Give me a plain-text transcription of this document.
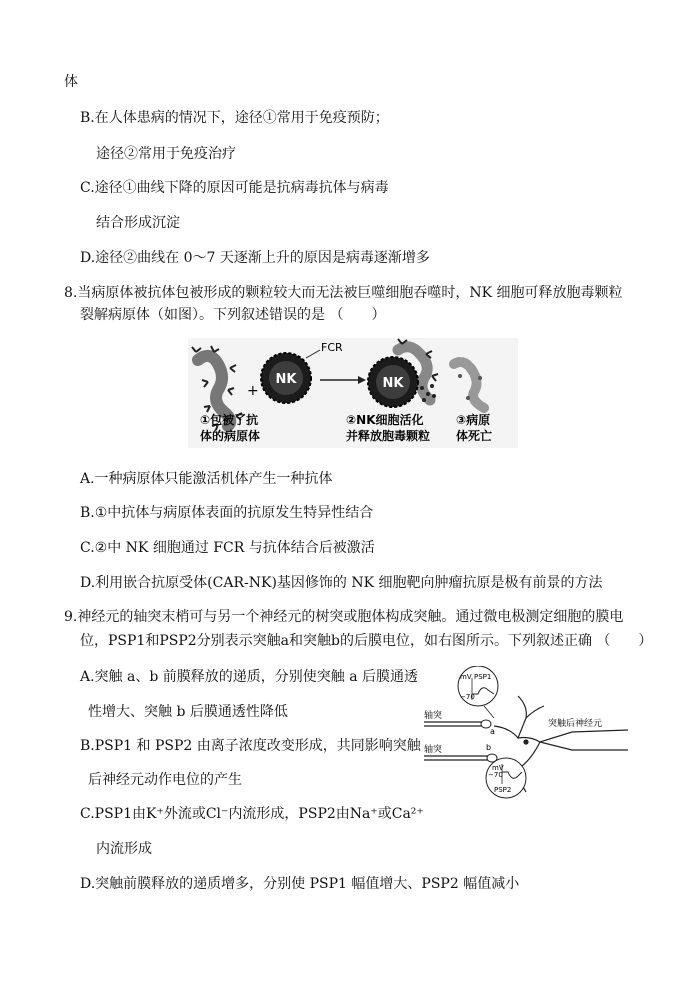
体
B.在人体患病的情况下，途径①常用于免疫预防；
途径②常用于免疫治疗
C.途径①曲线下降的原因可能是抗病毒抗体与病毒
结合形成沉淀
D.途径②曲线在 0～7 天逐渐上升的原因是病毒逐渐增多
8.当病原体被抗体包被形成的颗粒较大而无法被巨噬细胞吞噬时，NK 细胞可释放胞毒颗粒
裂解病原体（如图）。下列叙述错误的是 （　　）
+
NK
FCR
NK
①包被了抗
体的病原体
②NK细胞活化
并释放胞毒颗粒
③病原
体死亡
A.一种病原体只能激活机体产生一种抗体
B.①中抗体与病原体表面的抗原发生特异性结合
C.②中 NK 细胞通过 FCR 与抗体结合后被激活
D.利用嵌合抗原受体(CAR-NK)基因修饰的 NK 细胞靶向肿瘤抗原是极有前景的方法
9.神经元的轴突末梢可与另一个神经元的树突或胞体构成突触。通过微电极测定细胞的膜电
位，PSP1和PSP2分别表示突触a和突触b的后膜电位，如右图所示。下列叙述正确 （　　）
A.突触 a、b 前膜释放的递质，分别使突触 a 后膜通透
性增大、突触 b 后膜通透性降低
B.PSP1 和 PSP2 由离子浓度改变形成，共同影响突触
后神经元动作电位的产生
C.PSP1由K⁺外流或Cl⁻内流形成，PSP2由Na⁺或Ca²⁺
内流形成
D.突触前膜释放的递质增多，分别使 PSP1 幅值增大、PSP2 幅值减小
mV PSP1
−70
轴突
a
轴突	b
突触后神经元
mV
−70
PSP2
